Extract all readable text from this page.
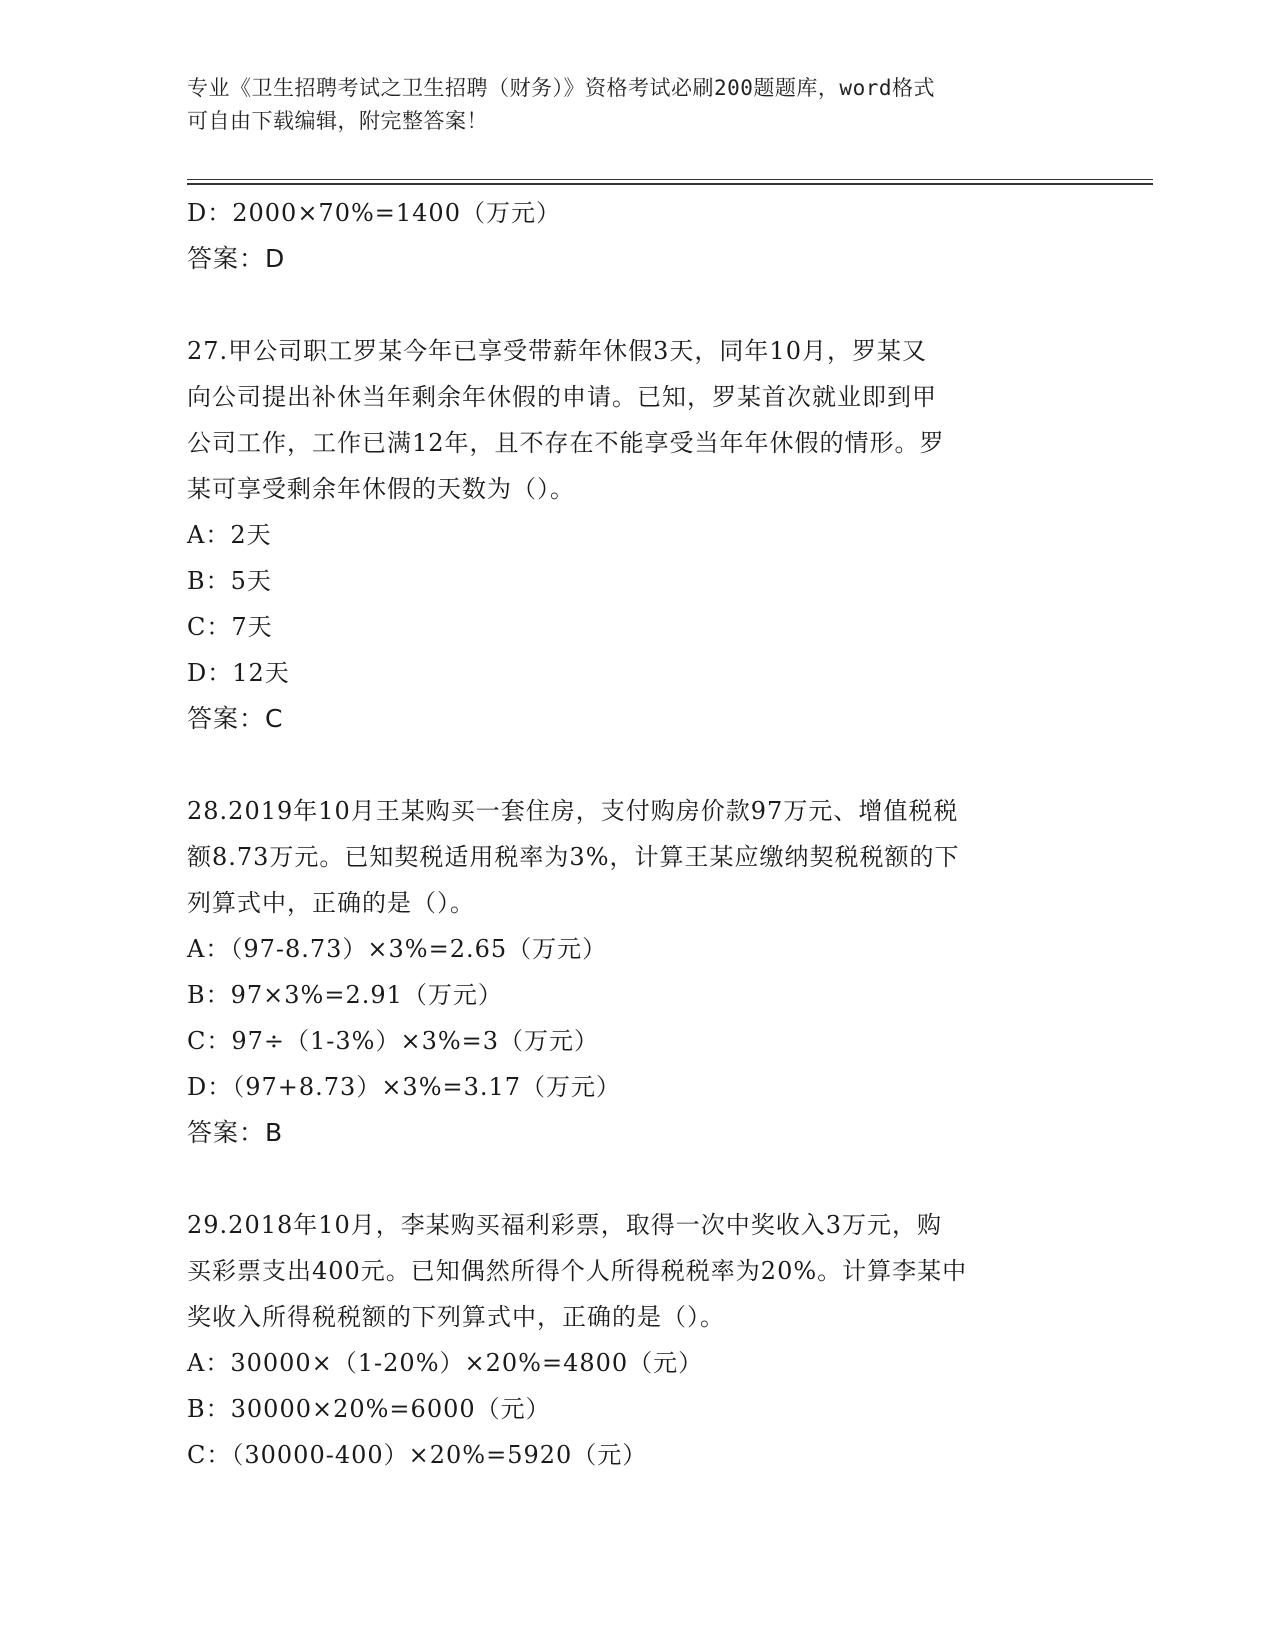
专业《卫生招聘考试之卫生招聘（财务）》资格考试必刷200题题库，word格式
可自由下载编辑，附完整答案！
D：2000×70%=1400（万元）
答案：D
27.甲公司职工罗某今年已享受带薪年休假3天，同年10月，罗某又
向公司提出补休当年剩余年休假的申请。已知，罗某首次就业即到甲
公司工作，工作已满12年，且不存在不能享受当年年休假的情形。罗
某可享受剩余年休假的天数为（）。
A：2天
B：5天
C：7天
D：12天
答案：C
28.2019年10月王某购买一套住房，支付购房价款97万元、增值税税
额8.73万元。已知契税适用税率为3%，计算王某应缴纳契税税额的下
列算式中，正确的是（）。
A：（97-8.73）×3%=2.65（万元）
B：97×3%=2.91（万元）
C：97÷（1-3%）×3%=3（万元）
D：（97+8.73）×3%=3.17（万元）
答案：B
29.2018年10月，李某购买福利彩票，取得一次中奖收入3万元，购
买彩票支出400元。已知偶然所得个人所得税税率为20%。计算李某中
奖收入所得税税额的下列算式中，正确的是（）。
A：30000×（1-20%）×20%=4800（元）
B：30000×20%=6000（元）
C：（30000-400）×20%=5920（元）
